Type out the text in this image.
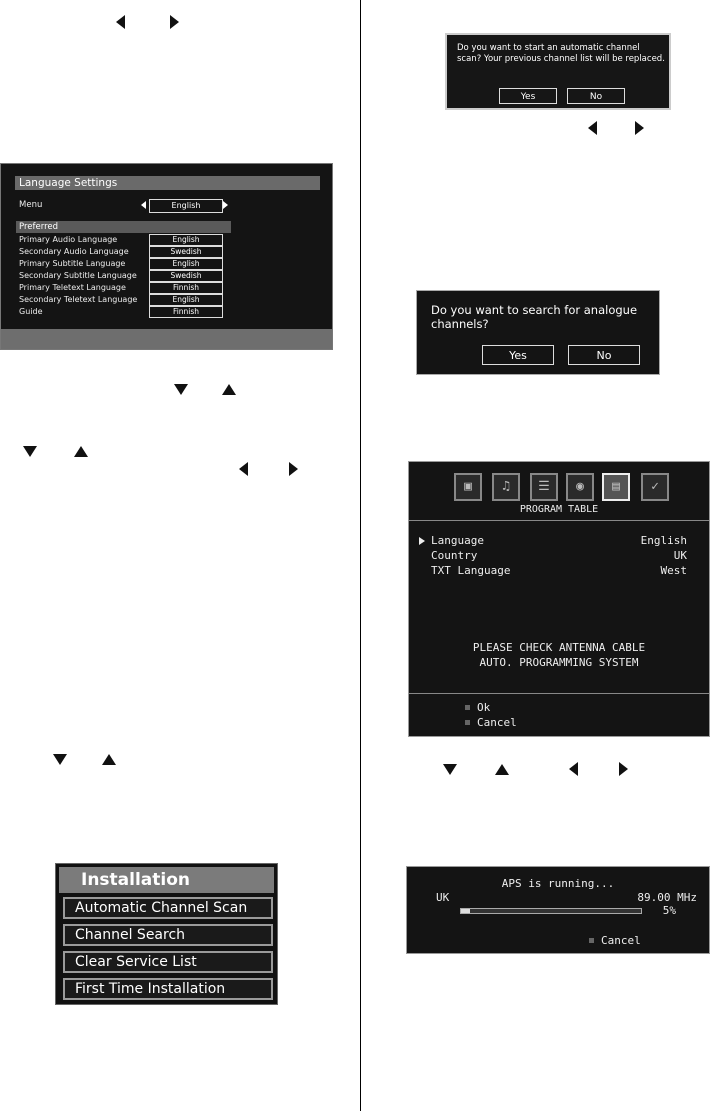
Language Settings
Menu	English
Preferred
Primary Audio Language	English
Secondary Audio Language	Swedish
Primary Subtitle Language	English
Secondary Subtitle Language	Swedish
Primary Teletext Language	Finnish
Secondary Teletext Language	English
Guide	Finnish
Installation
Automatic Channel Scan
Channel Search
Clear Service List
First Time Installation
Do you want to start an automatic channel scan? Your previous channel list will be replaced.
Yes	No
Do you want to search for analogue channels?
Yes	No
▣	♫	☰	◉	▤	✓
PROGRAM TABLE
Language	English
Country	UK
TXT Language	West
PLEASE CHECK ANTENNA CABLE
AUTO. PROGRAMMING SYSTEM
Ok
Cancel
APS is running...
UK	89.00 MHz
5%
Cancel
